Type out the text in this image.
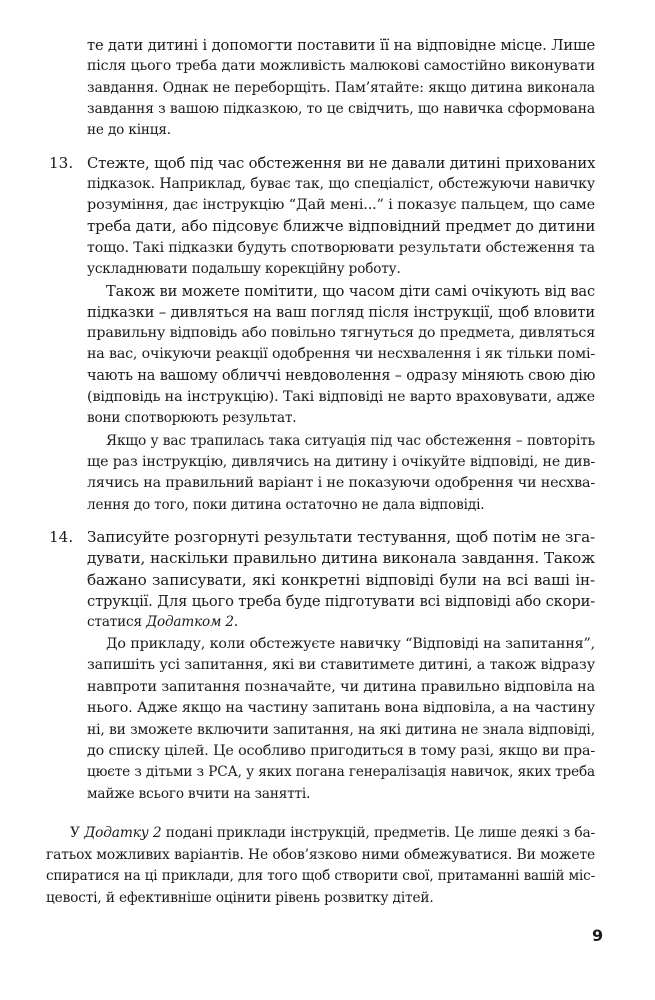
те дати дитині і допомогти поставити її на відповідне місце. Лише
після цього треба дати можливість малюкові самостійно виконувати
завдання. Однак не переборщіть. Пам’ятайте: якщо дитина виконала
завдання з вашою підказкою, то це свідчить, що навичка сформована
не до кінця.
13. Стежте, щоб під час обстеження ви не давали дитині прихованих
підказок. Наприклад, буває так, що спеціаліст, обстежуючи навичку
розуміння, дає інструкцію “Дай мені...” і показує пальцем, що саме
треба дати, або підсовує ближче відповідний предмет до дитини
тощо. Такі підказки будуть спотворювати результати обстеження та
ускладнювати подальшу корекційну роботу.
Також ви можете помітити, що часом діти самі очікують від вас
підказки – дивляться на ваш погляд після інструкції, щоб вловити
правильну відповідь або повільно тягнуться до предмета, дивляться
на вас, очікуючи реакції одобрення чи несхвалення і як тільки помі-
чають на вашому обличчі невдоволення – одразу міняють свою дію
(відповідь на інструкцію). Такі відповіді не варто враховувати, адже
вони спотворюють результат.
Якщо у вас трапилась така ситуація під час обстеження – повторіть
ще раз інструкцію, дивлячись на дитину і очікуйте відповіді, не див-
лячись на правильний варіант і не показуючи одобрення чи несхва-
лення до того, поки дитина остаточно не дала відповіді.
14. Записуйте розгорнуті результати тестування, щоб потім не зга-
дувати, наскільки правильно дитина виконала завдання. Також
бажано записувати, які конкретні відповіді були на всі ваші ін-
струкції. Для цього треба буде підготувати всі відповіді або скори-
статися Додатком 2.
До прикладу, коли обстежуєте навичку “Відповіді на запитання”,
запишіть усі запитання, які ви ставитимете дитині, а також відразу
навпроти запитання позначайте, чи дитина правильно відповіла на
нього. Адже якщо на частину запитань вона відповіла, а на частину
ні, ви зможете включити запитання, на які дитина не знала відповіді,
до списку цілей. Це особливо пригодиться в тому разі, якщо ви пра-
цюєте з дітьми з РСА, у яких погана генералізація навичок, яких треба
майже всього вчити на занятті.
У Додатку 2 подані приклади інструкцій, предметів. Це лише деякі з ба-
гатьох можливих варіантів. Не обов’язково ними обмежуватися. Ви можете
спиратися на ці приклади, для того щоб створити свої, притаманні вашій міс-
цевості, й ефективніше оцінити рівень розвитку дітей.
9
